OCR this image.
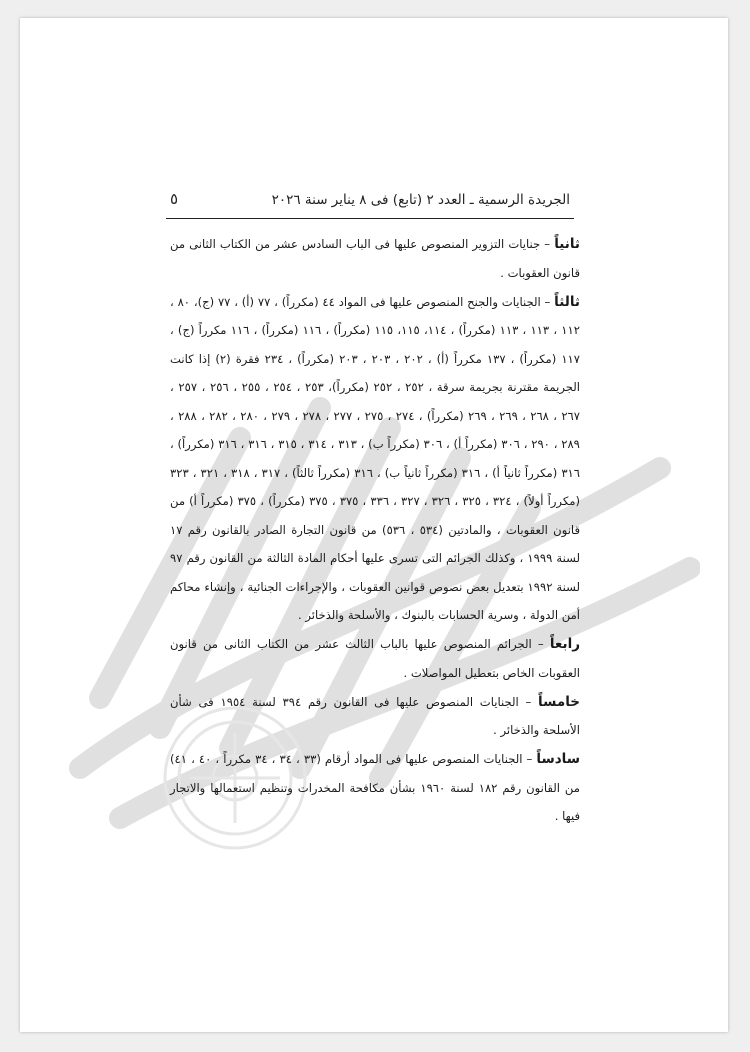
الجريدة الرسمية ـ العدد ٢ (تابع) فى ٨ يناير سنة ٢٠٢٦
٥

ثانياً – جنايات التزوير المنصوص عليها فى الباب السادس عشر من الكتاب الثانى من قانون العقوبات .

ثالثاً – الجنايات والجنح المنصوص عليها فى المواد ٤٤ (مكرراً) ، ٧٧ (أ) ، ٧٧ (ج)، ٨٠ ، ١١٢ ، ١١٣ ، ١١٣ (مكرراً) ، ١١٤، ١١٥، ١١٥ (مكرراً) ، ١١٦ (مكرراً) ، ١١٦ مكرراً (ج) ، ١١٧ (مكرراً) ، ١٣٧ مكرراً (أ) ، ٢٠٢ ، ٢٠٣ ، ٢٠٣ (مكرراً) ، ٢٣٤ فقرة (٢) إذا كانت الجريمة مقترنة بجريمة سرقة ، ٢٥٢ ، ٢٥٢ (مكرراً)، ٢٥٣ ، ٢٥٤ ، ٢٥٥ ، ٢٥٦ ، ٢٥٧ ، ٢٦٧ ، ٢٦٨ ، ٢٦٩ ، ٢٦٩ (مكرراً) ، ٢٧٤ ، ٢٧٥ ، ٢٧٧ ، ٢٧٨ ، ٢٧٩ ، ٢٨٠ ، ٢٨٢ ، ٢٨٨ ، ٢٨٩ ، ٢٩٠ ، ٣٠٦ (مكرراً أ) ، ٣٠٦ (مكرراً ب) ، ٣١٣ ، ٣١٤ ، ٣١٥ ، ٣١٦ ، ٣١٦ (مكرراً) ، ٣١٦ (مكرراً ثانياً أ) ، ٣١٦ (مكرراً ثانياً ب) ، ٣١٦ (مكرراً ثالثاً) ، ٣١٧ ، ٣١٨ ، ٣٢١ ، ٣٢٣ (مكرراً أولاً) ، ٣٢٤ ، ٣٢٥ ، ٣٢٦ ، ٣٢٧ ، ٣٣٦ ، ٣٧٥ ، ٣٧٥ (مكرراً) ، ٣٧٥ (مكرراً أ) من قانون العقوبات ، والمادتين (٥٣٤ ، ٥٣٦) من قانون التجارة الصادر بالقانون رقم ١٧ لسنة ١٩٩٩ ، وكذلك الجرائم التى تسرى عليها أحكام المادة الثالثة من القانون رقم ٩٧ لسنة ١٩٩٢ بتعديل بعض نصوص قوانين العقوبات ، والإجراءات الجنائية ، وإنشاء محاكم أمن الدولة ، وسرية الحسابات بالبنوك ، والأسلحة والذخائر .

رابعاً – الجرائم المنصوص عليها بالباب الثالث عشر من الكتاب الثانى من قانون العقوبات الخاص بتعطيل المواصلات .

خامساً – الجنايات المنصوص عليها فى القانون رقم ٣٩٤ لسنة ١٩٥٤ فى شأن الأسلحة والذخائر .

سادساً – الجنايات المنصوص عليها فى المواد أرقام (٣٣ ، ٣٤ ، ٣٤ مكرراً ، ٤٠ ، ٤١) من القانون رقم ١٨٢ لسنة ١٩٦٠ بشأن مكافحة المخدرات وتنظيم استعمالها والاتجار فيها .
